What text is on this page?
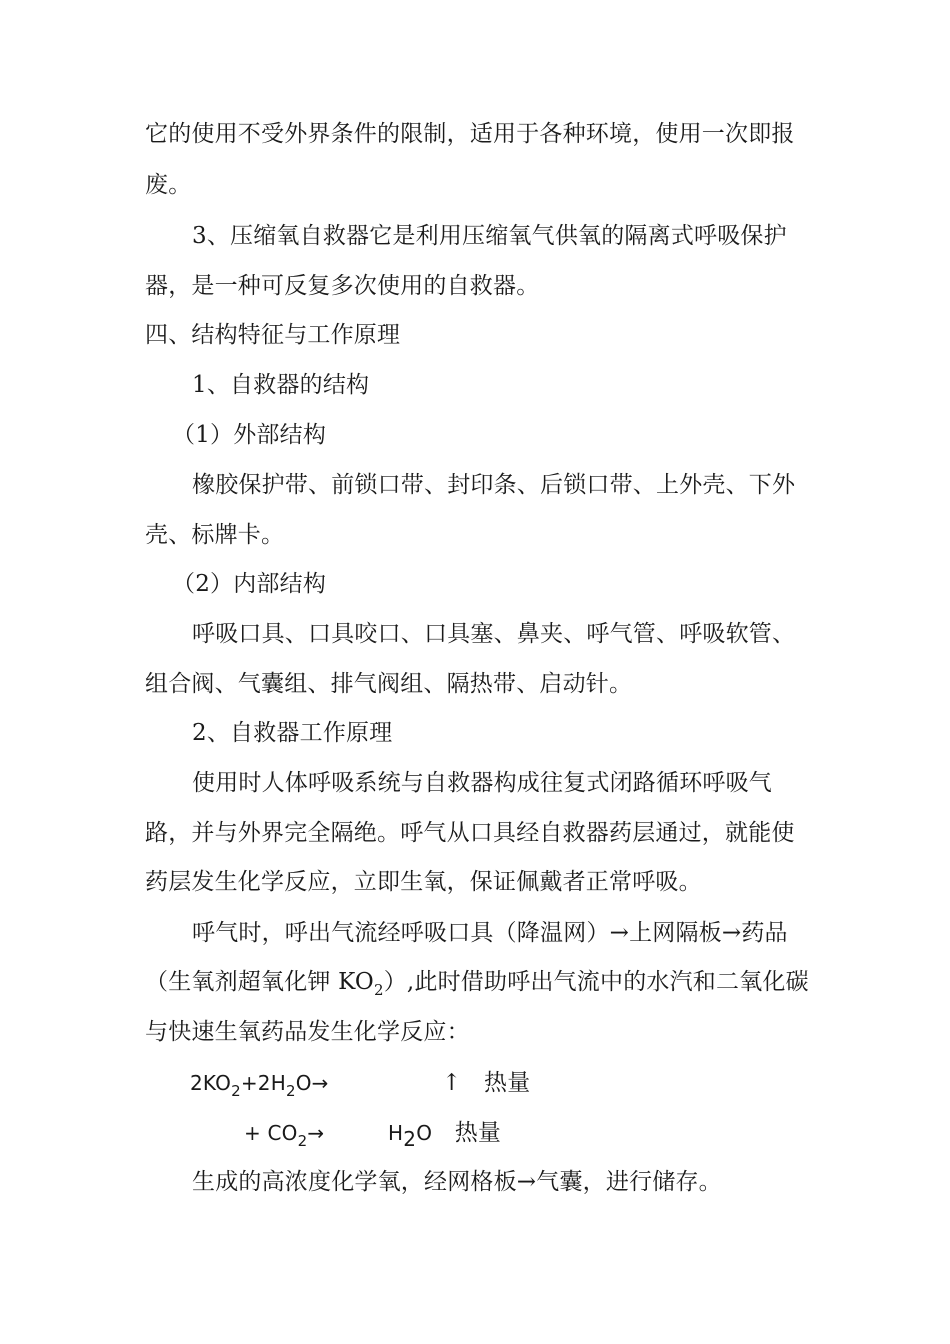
它的使用不受外界条件的限制，适用于各种环境，使用一次即报
废。
3、压缩氧自救器它是利用压缩氧气供氧的隔离式呼吸保护
器，是一种可反复多次使用的自救器。
四、结构特征与工作原理
1、自救器的结构
（1）外部结构
橡胶保护带、前锁口带、封印条、后锁口带、上外壳、下外
壳、标牌卡。
（2）内部结构
呼吸口具、口具咬口、口具塞、鼻夹、呼气管、呼吸软管、
组合阀、气囊组、排气阀组、隔热带、启动针。
2、自救器工作原理
使用时人体呼吸系统与自救器构成往复式闭路循环呼吸气
路，并与外界完全隔绝。呼气从口具经自救器药层通过，就能使
药层发生化学反应，立即生氧，保证佩戴者正常呼吸。
呼气时，呼出气流经呼吸口具（降温网）→上网隔板→药品
（生氧剂超氧化钾 $KO_2$）,此时借助呼出气流中的水汽和二氧化碳
与快速生氧药品发生化学反应：
$2KO_2+2H_2O\to$	↑ 热量
+ $CO_2\to$	H2O 热量
生成的高浓度化学氧，经网格板→气囊，进行储存。
